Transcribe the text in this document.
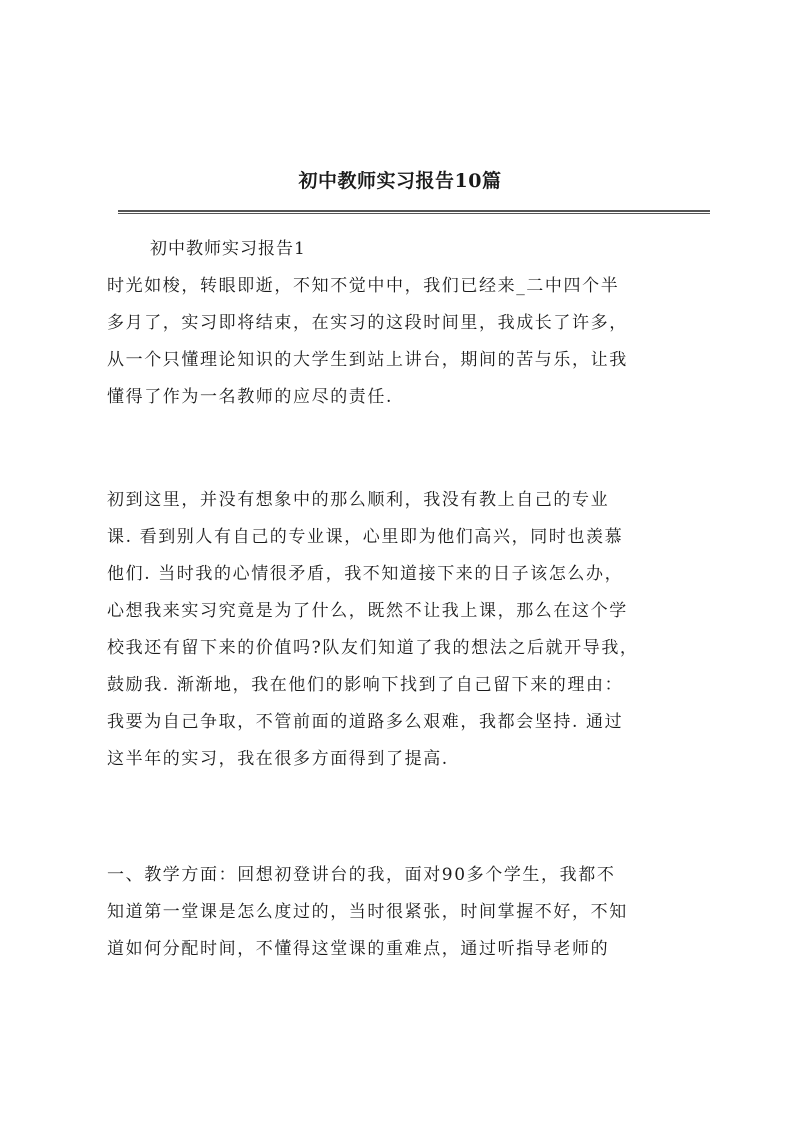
初中教师实习报告10篇
初中教师实习报告1

时光如梭，转眼即逝，不知不觉中中，我们已经来_二中四个半
多月了，实习即将结束，在实习的这段时间里，我成长了许多，
从一个只懂理论知识的大学生到站上讲台，期间的苦与乐，让我
懂得了作为一名教师的应尽的责任.

初到这里，并没有想象中的那么顺利，我没有教上自己的专业
课. 看到别人有自己的专业课，心里即为他们高兴，同时也羡慕
他们. 当时我的心情很矛盾，我不知道接下来的日子该怎么办，
心想我来实习究竟是为了什么，既然不让我上课，那么在这个学
校我还有留下来的价值吗?队友们知道了我的想法之后就开导我，
鼓励我. 渐渐地，我在他们的影响下找到了自己留下来的理由：
我要为自己争取，不管前面的道路多么艰难，我都会坚持. 通过
这半年的实习，我在很多方面得到了提高.

一、教学方面：回想初登讲台的我，面对90多个学生，我都不
知道第一堂课是怎么度过的，当时很紧张，时间掌握不好，不知
道如何分配时间，不懂得这堂课的重难点，通过听指导老师的
